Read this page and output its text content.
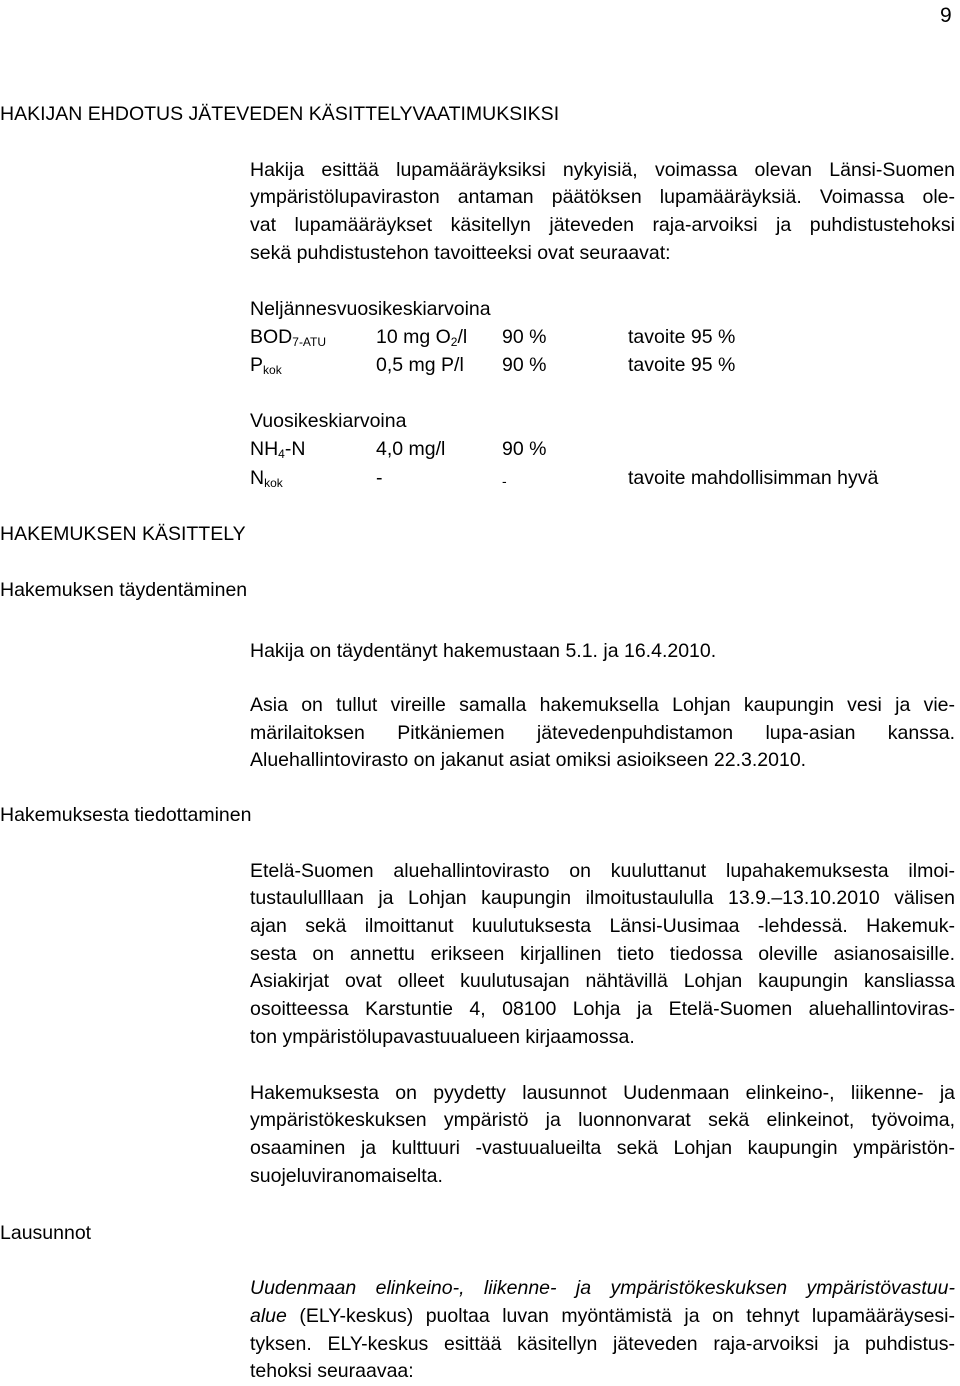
9
HAKIJAN EHDOTUS JÄTEVEDEN KÄSITTELYVAATIMUKSIKSI
Hakija esittää lupamääräyksiksi nykyisiä, voimassa olevan Länsi-Suomen
ympäristölupaviraston antaman päätöksen lupamääräyksiä. Voimassa ole-
vat lupamääräykset käsitellyn jäteveden raja-arvoiksi ja puhdistustehoksi
sekä puhdistustehon tavoitteeksi ovat seuraavat:
Neljännesvuosikeskiarvoina
$BOD_{7-ATU}$	10 mg $O_2/l$ 90 %	tavoite 95 %
$P_{kok}$	0,5 mg P/l 90 %	tavoite 95 %
Vuosikeskiarvoina
$NH_4-N$	4,0 mg/l	90 %
$N_{kok}$	-	-	tavoite mahdollisimman hyvä
HAKEMUKSEN KÄSITTELY
Hakemuksen täydentäminen
Hakija on täydentänyt hakemustaan 5.1. ja 16.4.2010.
Asia on tullut vireille samalla hakemuksella Lohjan kaupungin vesi ja vie-
märilaitoksen Pitkäniemen jätevedenpuhdistamon lupa-asian kanssa.
Aluehallintovirasto on jakanut asiat omiksi asioikseen 22.3.2010.
Hakemuksesta tiedottaminen
Etelä-Suomen aluehallintovirasto on kuuluttanut lupahakemuksesta ilmoi-
tustaululllaan ja Lohjan kaupungin ilmoitustaululla 13.9.–13.10.2010 välisen
ajan sekä ilmoittanut kuulutuksesta Länsi-Uusimaa -lehdessä. Hakemuk-
sesta on annettu erikseen kirjallinen tieto tiedossa oleville asianosaisille.
Asiakirjat ovat olleet kuulutusajan nähtävillä Lohjan kaupungin kansliassa
osoitteessa Karstuntie 4, 08100 Lohja ja Etelä-Suomen aluehallintoviras-
ton ympäristölupavastuualueen kirjaamossa.
Hakemuksesta on pyydetty lausunnot Uudenmaan elinkeino-, liikenne- ja
ympäristökeskuksen ympäristö ja luonnonvarat sekä elinkeinot, työvoima,
osaaminen ja kulttuuri -vastuualueilta sekä Lohjan kaupungin ympäristön-
suojeluviranomaiselta.
Lausunnot
Uudenmaan elinkeino-, liikenne- ja ympäristökeskuksen ympäristövastuu-
alue (ELY-keskus) puoltaa luvan myöntämistä ja on tehnyt lupamääräysesi-
tyksen. ELY-keskus esittää käsitellyn jäteveden raja-arvoiksi ja puhdistus-
tehoksi seuraavaa:
